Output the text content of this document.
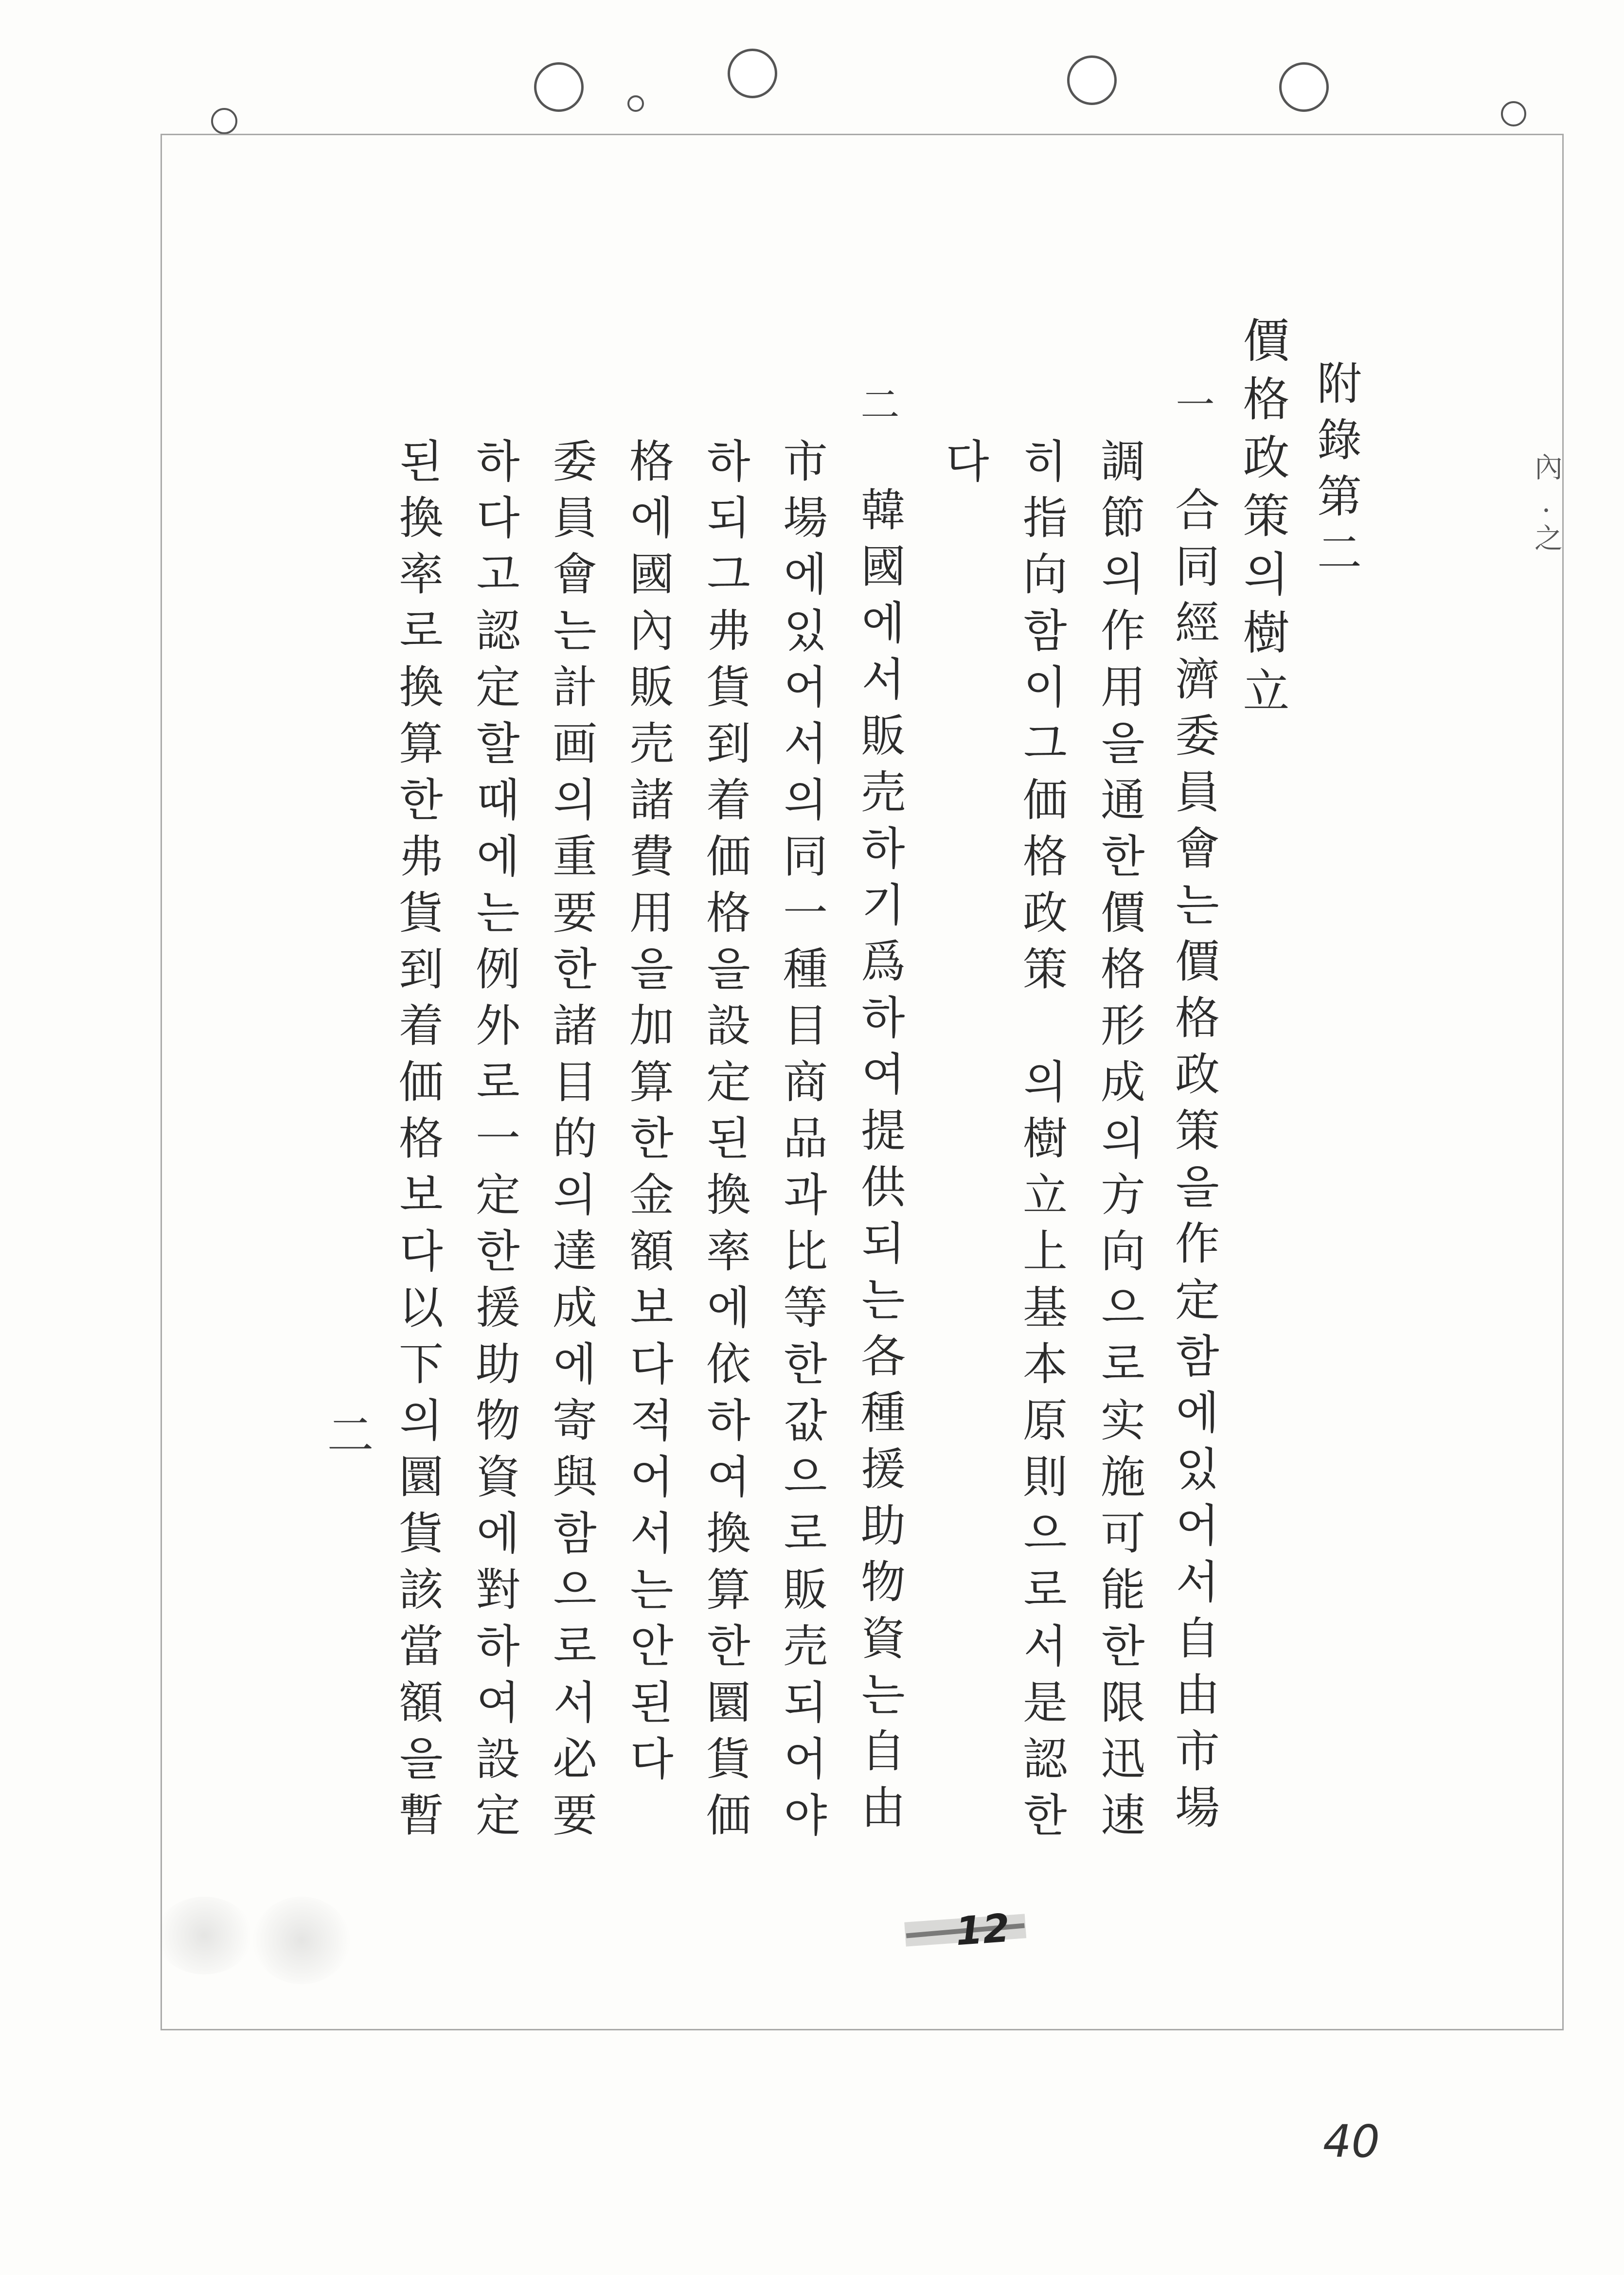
內.之
附錄第二
價格政策의樹立
一
合同經濟委員會는價格政策을作定함에있어서自由市場
調節의作用을通한價格形成의方向으로实施可能한限迅速
히指向함이그価格政策　의樹立上基本原則으로서是認한
다
二
韓國에서販売하기爲하여提供되는各種援助物資는自由
市場에있어서의同一種目商品과比等한값으로販売되어야
하되그弗貨到着価格을設定된換率에依하여換算한圜貨価
格에國內販売諸費用을加算한金額보다적어서는안된다
委員會는計画의重要한諸目的의達成에寄與함으로서必要
하다고認定할때에는例外로一定한援助物資에對하여設定
된換率로換算한弗貨到着価格보다以下의圜貨該當額을暫
二
12
40
